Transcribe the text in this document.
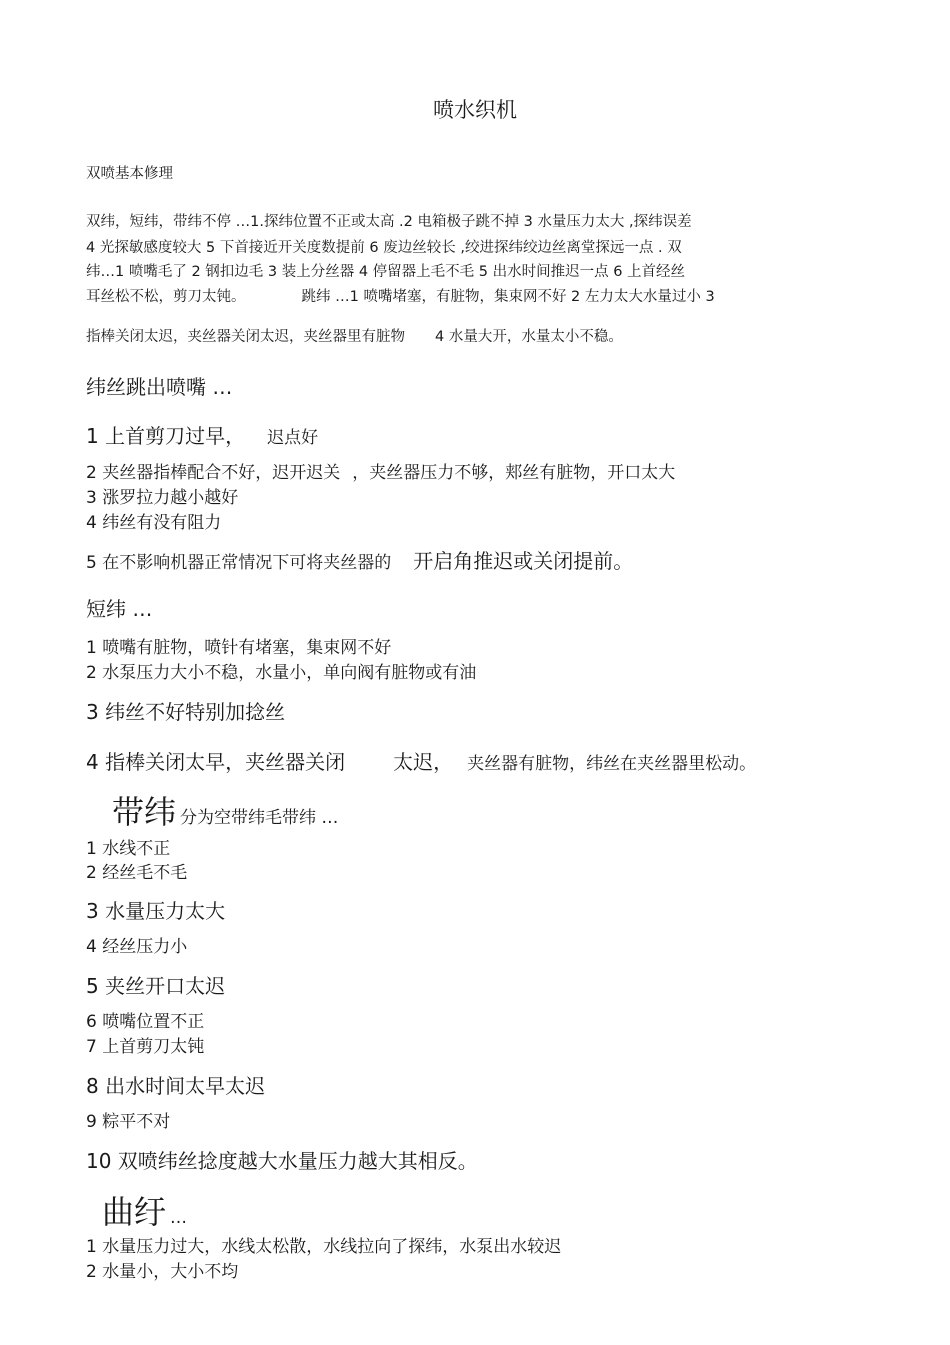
喷水织机
双喷基本修理
双纬，短纬，带纬不停 …1.探纬位置不正或太高 .2 电箱极子跳不掉 3 水量压力太大 ,探纬误差
4 光探敏感度较大 5 下首接近开关度数提前 6 废边丝较长 ,绞进探纬绞边丝离堂探远一点 . 双
纬…1 喷嘴毛了 2 钢扣边毛 3 装上分丝器 4 停留器上毛不毛 5 出水时间推迟一点 6 上首经丝
耳丝松不松，剪刀太钝。	跳纬 …1 喷嘴堵塞，有脏物，集束网不好 2 左力太大水量过小 3
指棒关闭太迟，夹丝器关闭太迟，夹丝器里有脏物 4 水量大开，水量太小不稳。
纬丝跳出喷嘴 …
1 上首剪刀过早， 迟点好
2 夹丝器指棒配合不好，迟开迟关 ，夹丝器压力不够，郏丝有脏物，开口太大
3 涨罗拉力越小越好
4 纬丝有没有阻力
5 在不影响机器正常情况下可将夹丝器的 开启角推迟或关闭提前。
短纬 …
1 喷嘴有脏物，喷针有堵塞，集束网不好
2 水泵压力大小不稳，水量小，单向阀有脏物或有油
3 纬丝不好特别加捻丝
4 指棒关闭太早，夹丝器关闭 太迟， 夹丝器有脏物，纬丝在夹丝器里松动。
带纬 分为空带纬毛带纬 …
1 水线不正
2 经丝毛不毛
3 水量压力太大
4 经丝压力小
5 夹丝开口太迟
6 喷嘴位置不正
7 上首剪刀太钝
8 出水时间太早太迟
9 粽平不对
10 双喷纬丝捻度越大水量压力越大其相反。
曲纡 …
1 水量压力过大，水线太松散，水线拉向了探纬，水泵出水较迟
2 水量小，大小不均
